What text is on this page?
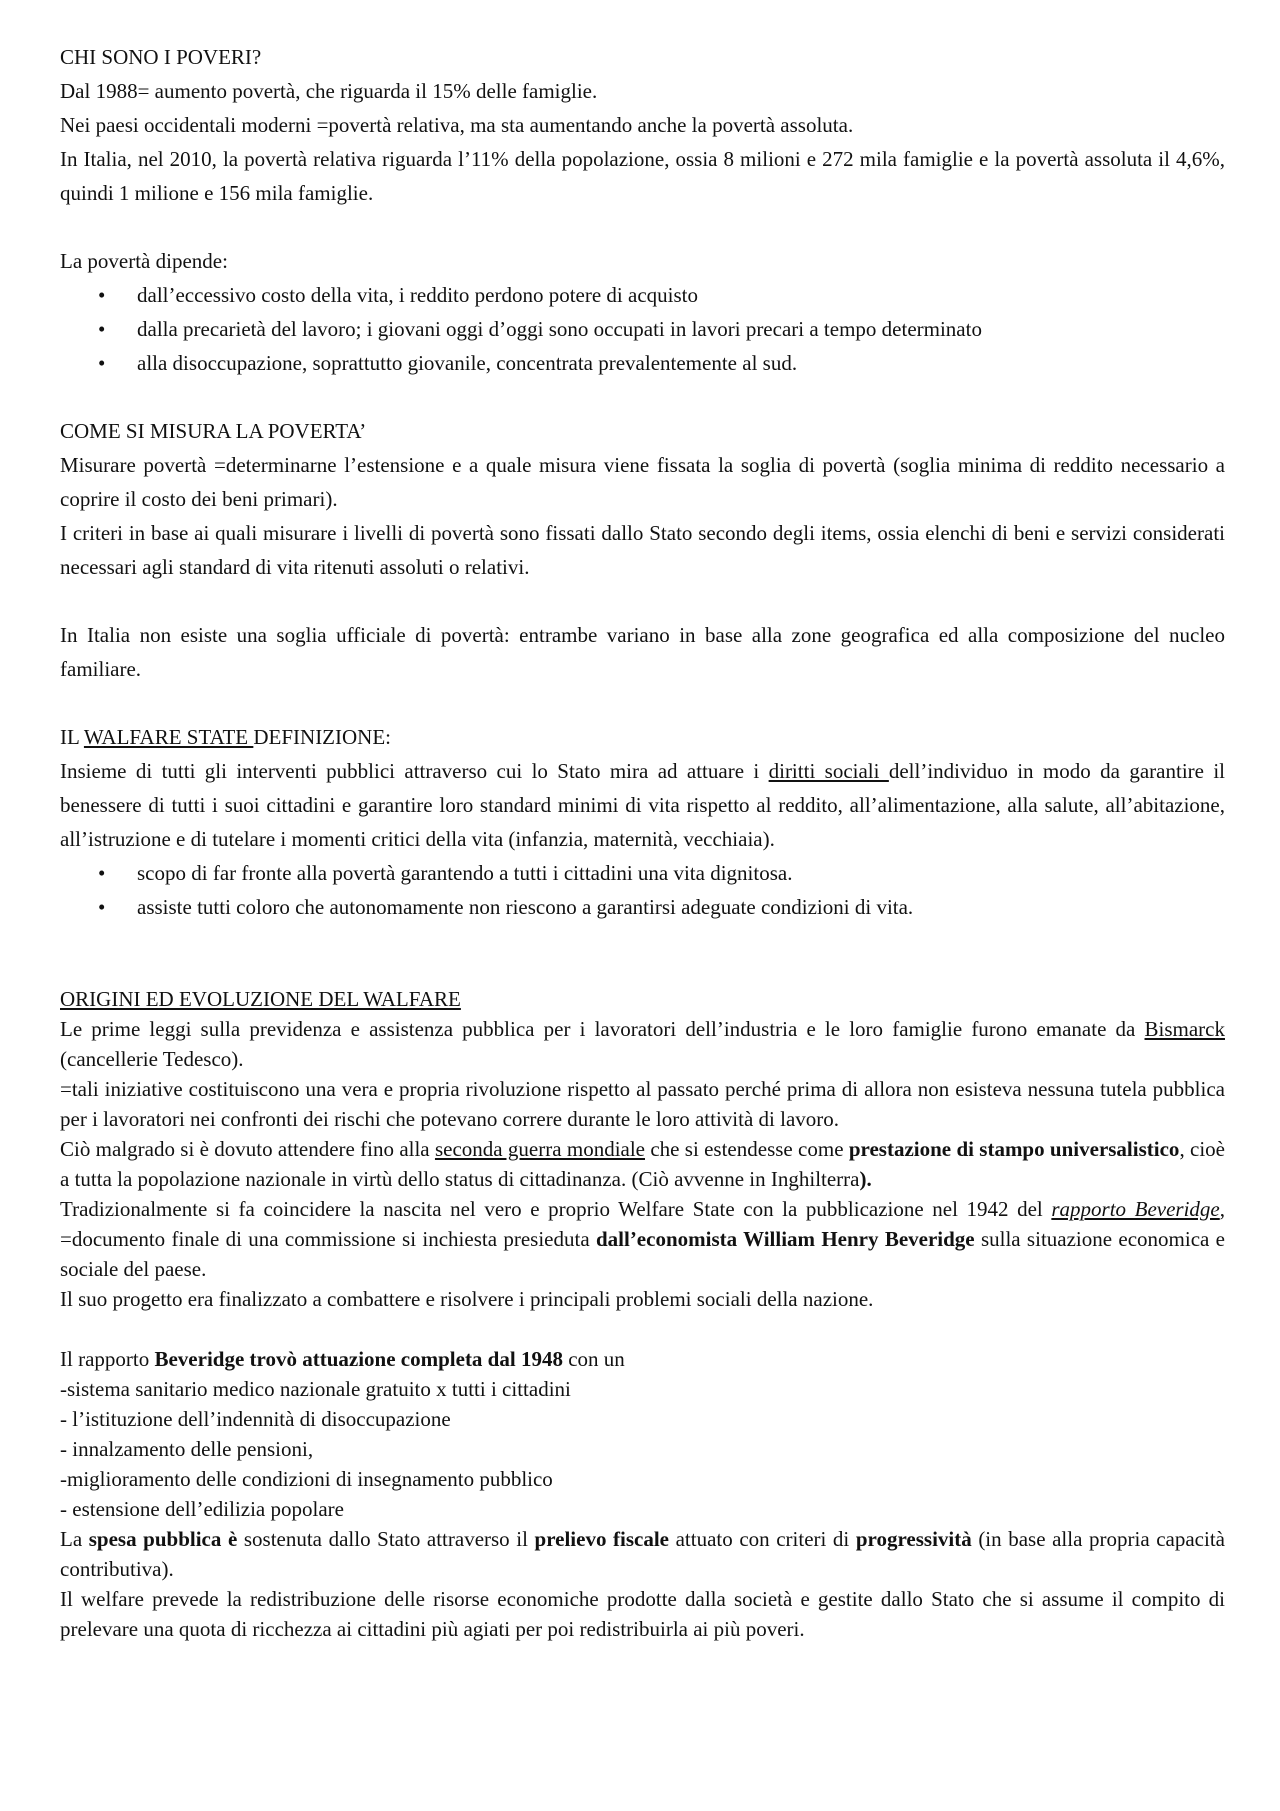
CHI SONO I POVERI?

Dal 1988= aumento povertà, che riguarda il 15% delle famiglie.

Nei paesi occidentali moderni =povertà relativa, ma sta aumentando anche la povertà assoluta.

In Italia, nel 2010, la povertà relativa riguarda l’11% della popolazione, ossia 8 milioni e 272 mila famiglie e la povertà assoluta il 4,6%, quindi 1 milione e 156 mila famiglie.

La povertà dipende:

• dall’eccessivo costo della vita, i reddito perdono potere di acquisto
• dalla precarietà del lavoro; i giovani oggi d’oggi sono occupati in lavori precari a tempo determinato
• alla disoccupazione, soprattutto giovanile, concentrata prevalentemente al sud.

COME SI MISURA LA POVERTA’

Misurare povertà =determinarne l’estensione e a quale misura viene fissata la soglia di povertà (soglia minima di reddito necessario a coprire il costo dei beni primari).

I criteri in base ai quali misurare i livelli di povertà sono fissati dallo Stato secondo degli items, ossia elenchi di beni e servizi considerati necessari agli standard di vita ritenuti assoluti o relativi.

In Italia non esiste una soglia ufficiale di povertà: entrambe variano in base alla zone geografica ed alla composizione del nucleo familiare.

IL WALFARE STATE DEFINIZIONE:

Insieme di tutti gli interventi pubblici attraverso cui lo Stato mira ad attuare i diritti sociali dell’individuo in modo da garantire il benessere di tutti i suoi cittadini e garantire loro standard minimi di vita rispetto al reddito, all’alimentazione, alla salute, all’abitazione, all’istruzione e di tutelare i momenti critici della vita (infanzia, maternità, vecchiaia).

• scopo di far fronte alla povertà garantendo a tutti i cittadini una vita dignitosa.
• assiste tutti coloro che autonomamente non riescono a garantirsi adeguate condizioni di vita.

ORIGINI ED EVOLUZIONE DEL WALFARE

Le prime leggi sulla previdenza e assistenza pubblica per i lavoratori dell’industria e le loro famiglie furono emanate da Bismarck (cancellerie Tedesco).

=tali iniziative costituiscono una vera e propria rivoluzione rispetto al passato perché prima di allora non esisteva nessuna tutela pubblica per i lavoratori nei confronti dei rischi che potevano correre durante le loro attività di lavoro.

Ciò malgrado si è dovuto attendere fino alla seconda guerra mondiale che si estendesse come prestazione di stampo universalistico, cioè a tutta la popolazione nazionale in virtù dello status di cittadinanza. (Ciò avvenne in Inghilterra).

Tradizionalmente si fa coincidere la nascita nel vero e proprio Welfare State con la pubblicazione nel 1942 del rapporto Beveridge, =documento finale di una commissione si inchiesta presieduta dall’economista William Henry Beveridge sulla situazione economica e sociale del paese.

Il suo progetto era finalizzato a combattere e risolvere i principali problemi sociali della nazione.

Il rapporto Beveridge trovò attuazione completa dal 1948 con un

-sistema sanitario medico nazionale gratuito x tutti i cittadini

- l’istituzione dell’indennità di disoccupazione

- innalzamento delle pensioni,

-miglioramento delle condizioni di insegnamento pubblico

- estensione dell’edilizia popolare

La spesa pubblica è sostenuta dallo Stato attraverso il prelievo fiscale attuato con criteri di progressività (in base alla propria capacità contributiva).

Il welfare prevede la redistribuzione delle risorse economiche prodotte dalla società e gestite dallo Stato che si assume il compito di prelevare una quota di ricchezza ai cittadini più agiati per poi redistribuirla ai più poveri.
